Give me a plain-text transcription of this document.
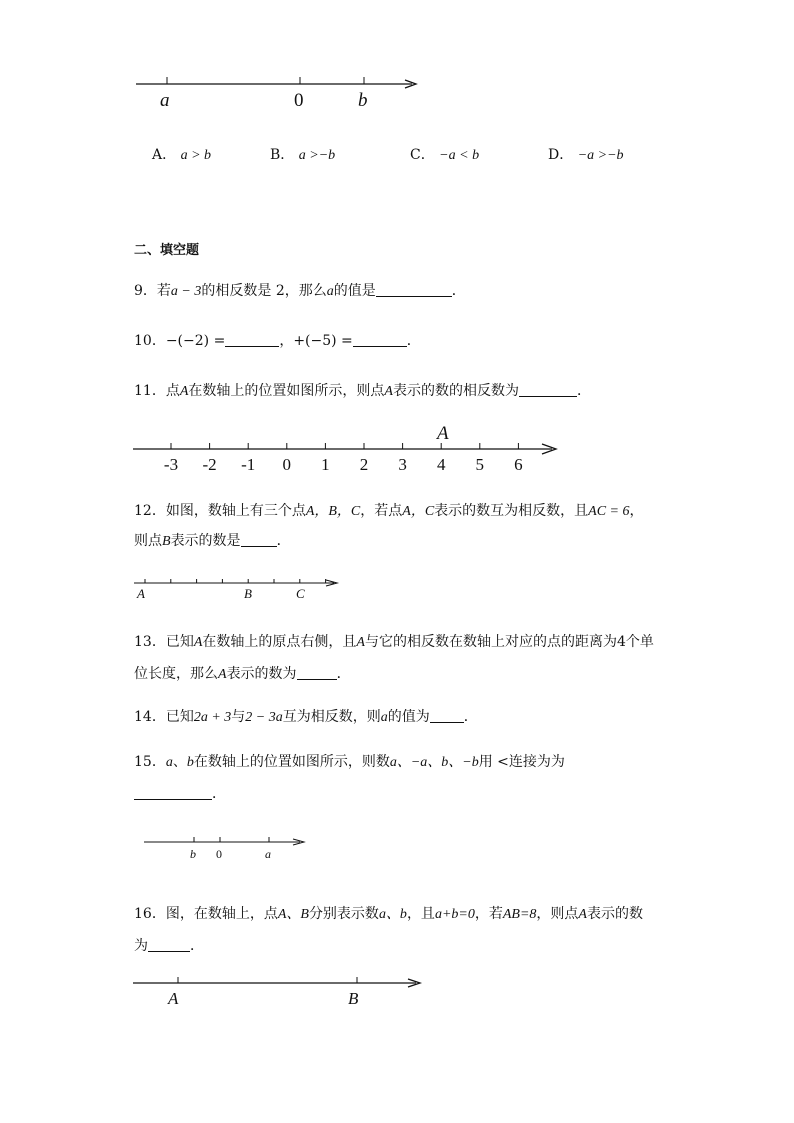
a	0	b
A． a > b	B． a >−b	C． −a < b	D． −a >−b
二、填空题
9．若a − 3的相反数是 2，那么a的值是	．
10．−(−2) =	，+(−5) =	．
11．点A在数轴上的位置如图所示，则点A表示的数的相反数为	．
A
-3 -2 -1 0 1 2 3 4 5 6
12．如图，数轴上有三个点A，B，C，若点A，C表示的数互为相反数，且AC = 6，
则点B表示的数是	．
A	B	C
13．已知A在数轴上的原点右侧，且A与它的相反数在数轴上对应的点的距离为4个单
位长度，那么A表示的数为	．
14．已知2a + 3与2 − 3a互为相反数，则a的值为 ．
15．a、b在数轴上的位置如图所示，则数a、−a、b、−b用 <连接为为
．
b 0	a
16．图，在数轴上，点A、B分别表示数a、b，且a+b=0，若AB=8，则点A表示的数
为	．
A	B
